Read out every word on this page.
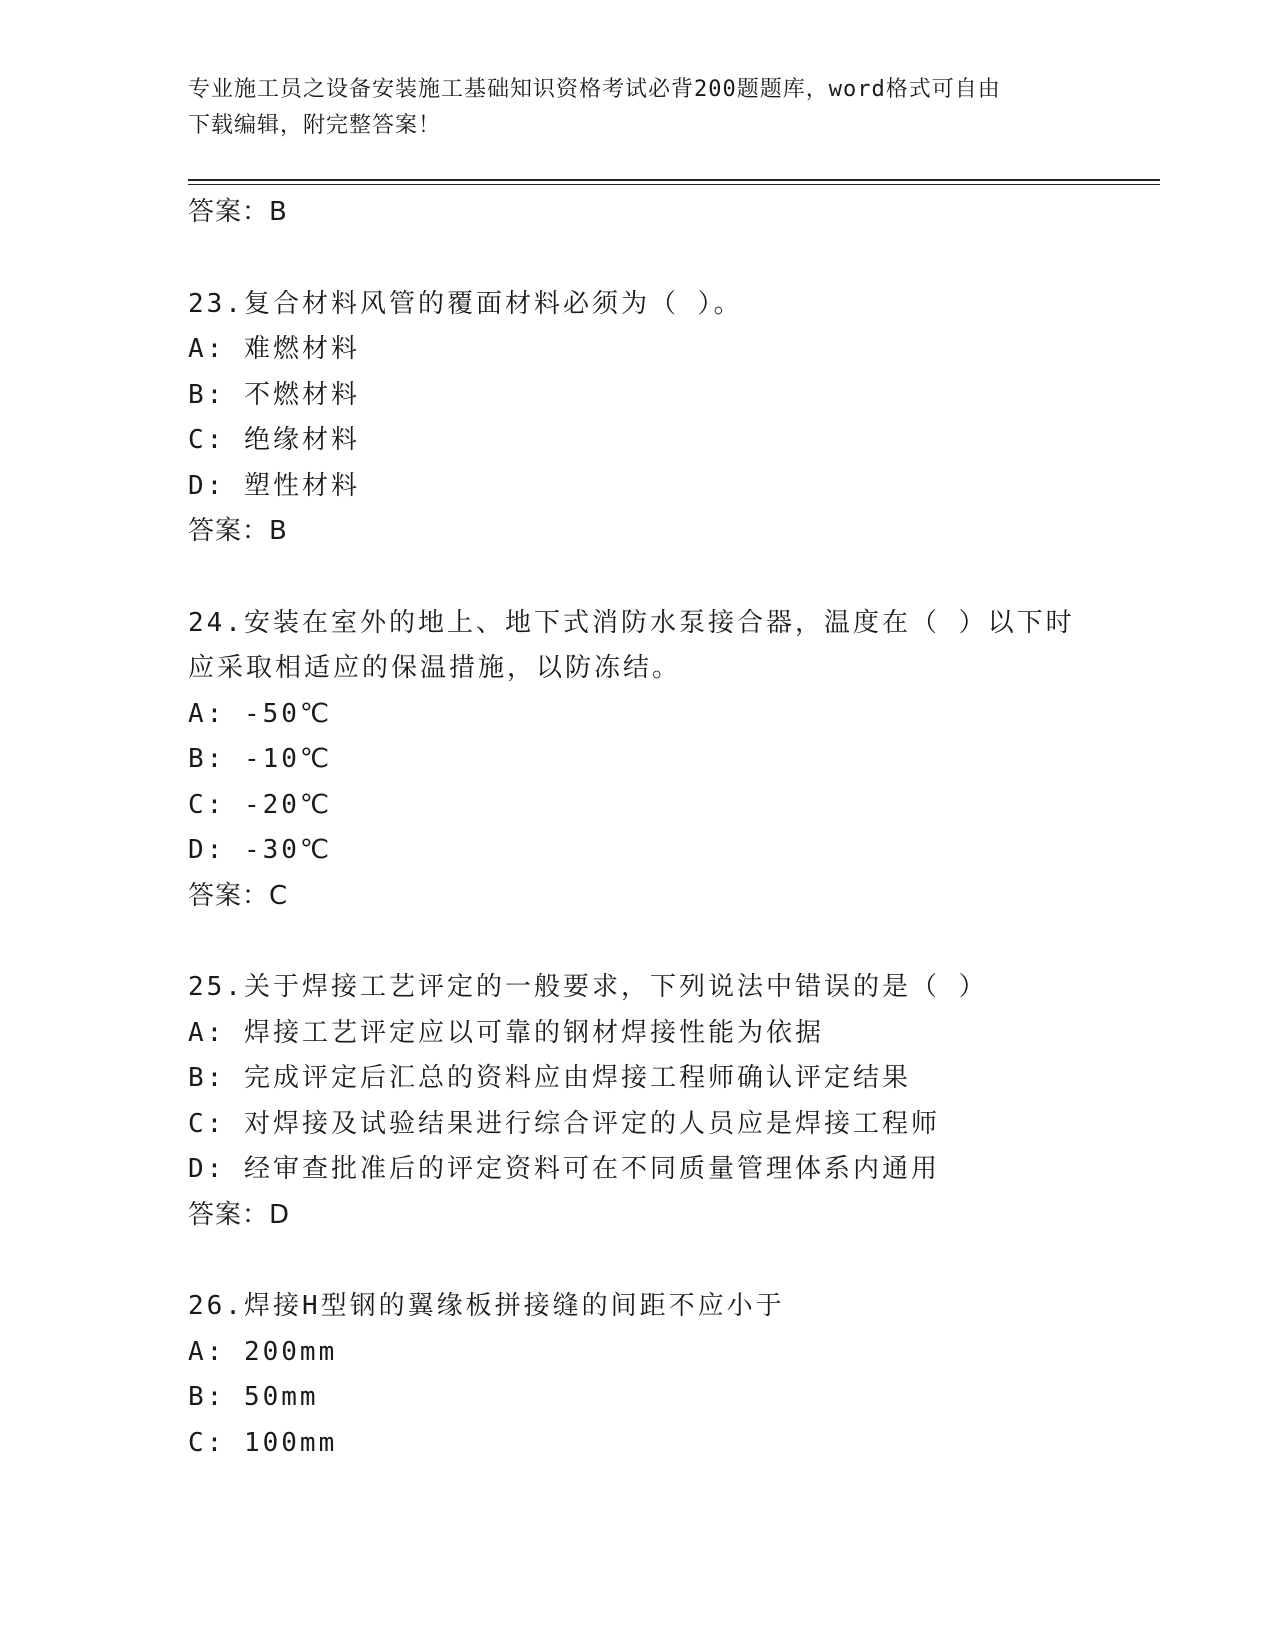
专业施工员之设备安装施工基础知识资格考试必背200题题库，word格式可自由
下载编辑，附完整答案！
答案：B
23.复合材料风管的覆面材料必须为（ ）。
A: 难燃材料
B: 不燃材料
C: 绝缘材料
D: 塑性材料
答案：B
24.安装在室外的地上、地下式消防水泵接合器，温度在（ ）以下时
应采取相适应的保温措施，以防冻结。
A: -50℃
B: -10℃
C: -20℃
D: -30℃
答案：C
25.关于焊接工艺评定的一般要求，下列说法中错误的是（ ）
A: 焊接工艺评定应以可靠的钢材焊接性能为依据
B: 完成评定后汇总的资料应由焊接工程师确认评定结果
C: 对焊接及试验结果进行综合评定的人员应是焊接工程师
D: 经审查批准后的评定资料可在不同质量管理体系内通用
答案：D
26.焊接H型钢的翼缘板拼接缝的间距不应小于
A: 200mm
B: 50mm
C: 100mm
